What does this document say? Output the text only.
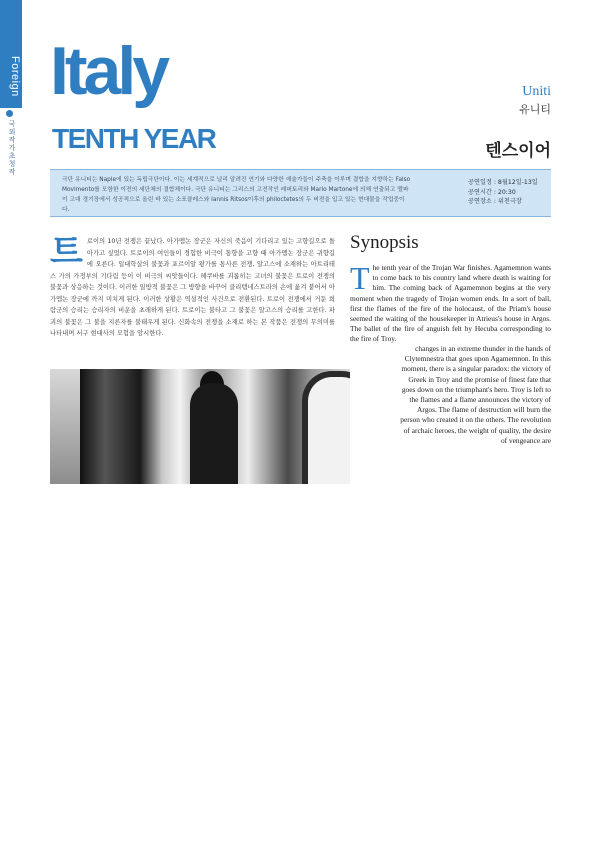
Foreign
국외작가초청작
Italy
TENTH YEAR
Uniti
유니티
텐스이어

극단 유니티는 Naple에 있는 독립극단이다. 이는 세계적으로 널리 알려진 연기와 다양한 예술가들이 주축을 이루며 결합을 지향하는 Falso Movimento를 포함한 이전의 세단체의 결합체이다. 극단 유니티는 그리스의 고전작인 레퍼토리와 Mario Martone에 의해 연출되고 멜파이 고대 경기장에서 성공적으로 올린 바 있는 소포클레스와 Iannis Ritsos이후의 philoctetes의 두 버전을 입고 있는 현대물을 작업중이다.

공연일정 : 8월12일-13일
공연시간 : 20:30
공연장소 : 위천극장
트 로이의 10년 전쟁은 끝났다. 아가멤논 장군은 자신의 죽음이 기다리고 있는 고향길으로 돌아가고 싶었다. 트로이의 여인들이 경험한 비극이 통향을 고향 때 아가멤논 장군은 귀향길에 오른다. 일대학살의 불꽃과 포르이알 왕가를 통사른 전쟁, 알고스에 소재하는 아트리테스 가의 가정부의 기다림 등이 이 비극의 씨앗들이다. 헤쿠바를 괴롭히는 고녀의 불꽃은 트로이 전쟁의 불꽃과 상응하는 것이다. 이러한 일방적 불꽃은 그 방향을 바꾸어 클리템네스트라의 손에 옮겨 붙어서 아가멤논 장군에 까지 미치게 된다. 이러한 상황은 역설적인 사건으로 전환된다. 트로이 전쟁에서 거둔 희람군의 승리는 승리자의 비운을 초래하게 된다. 트로이는 불타고 그 불꽃은 알고스의 승리를 고한다. 파괴의 불꽃은 그 불을 지른자를 불태우게 된다. 신화속의 전쟁을 소재로 하는 본 작품은 전쟁의 무의미를 나타내며 서구 현대사의 모험을 암시한다.

Synopsis
T he tenth year of the Trojan War finishes. Agamemnon wants to come back to his country land where death is waiting for him. The coming back of Agamemnon begins at the very moment when the tragedy of Trojan women ends. In a sort of ball, first the flames of the fire of the holocaust, of the Priam's house seemed the waiting of the housekeeper in Atrieus's house in Argos. The ballet of the fire of anguish felt by Hecuba corresponding to the fire of Troy.

changes in an extreme thunder in the hands of Clytemnestra that goes upon Agamemnon. In this moment, there is a singular paradox: the victory of Greek in Troy and the promise of finest fate that goes down on the triumphant's hero. Troy is left to the flames and a flame announces the victory of Argos. The flame of destruction will burn the person who created it on the others. The revolution of archaic heroes, the weight of quality, the desire of vengeance are
